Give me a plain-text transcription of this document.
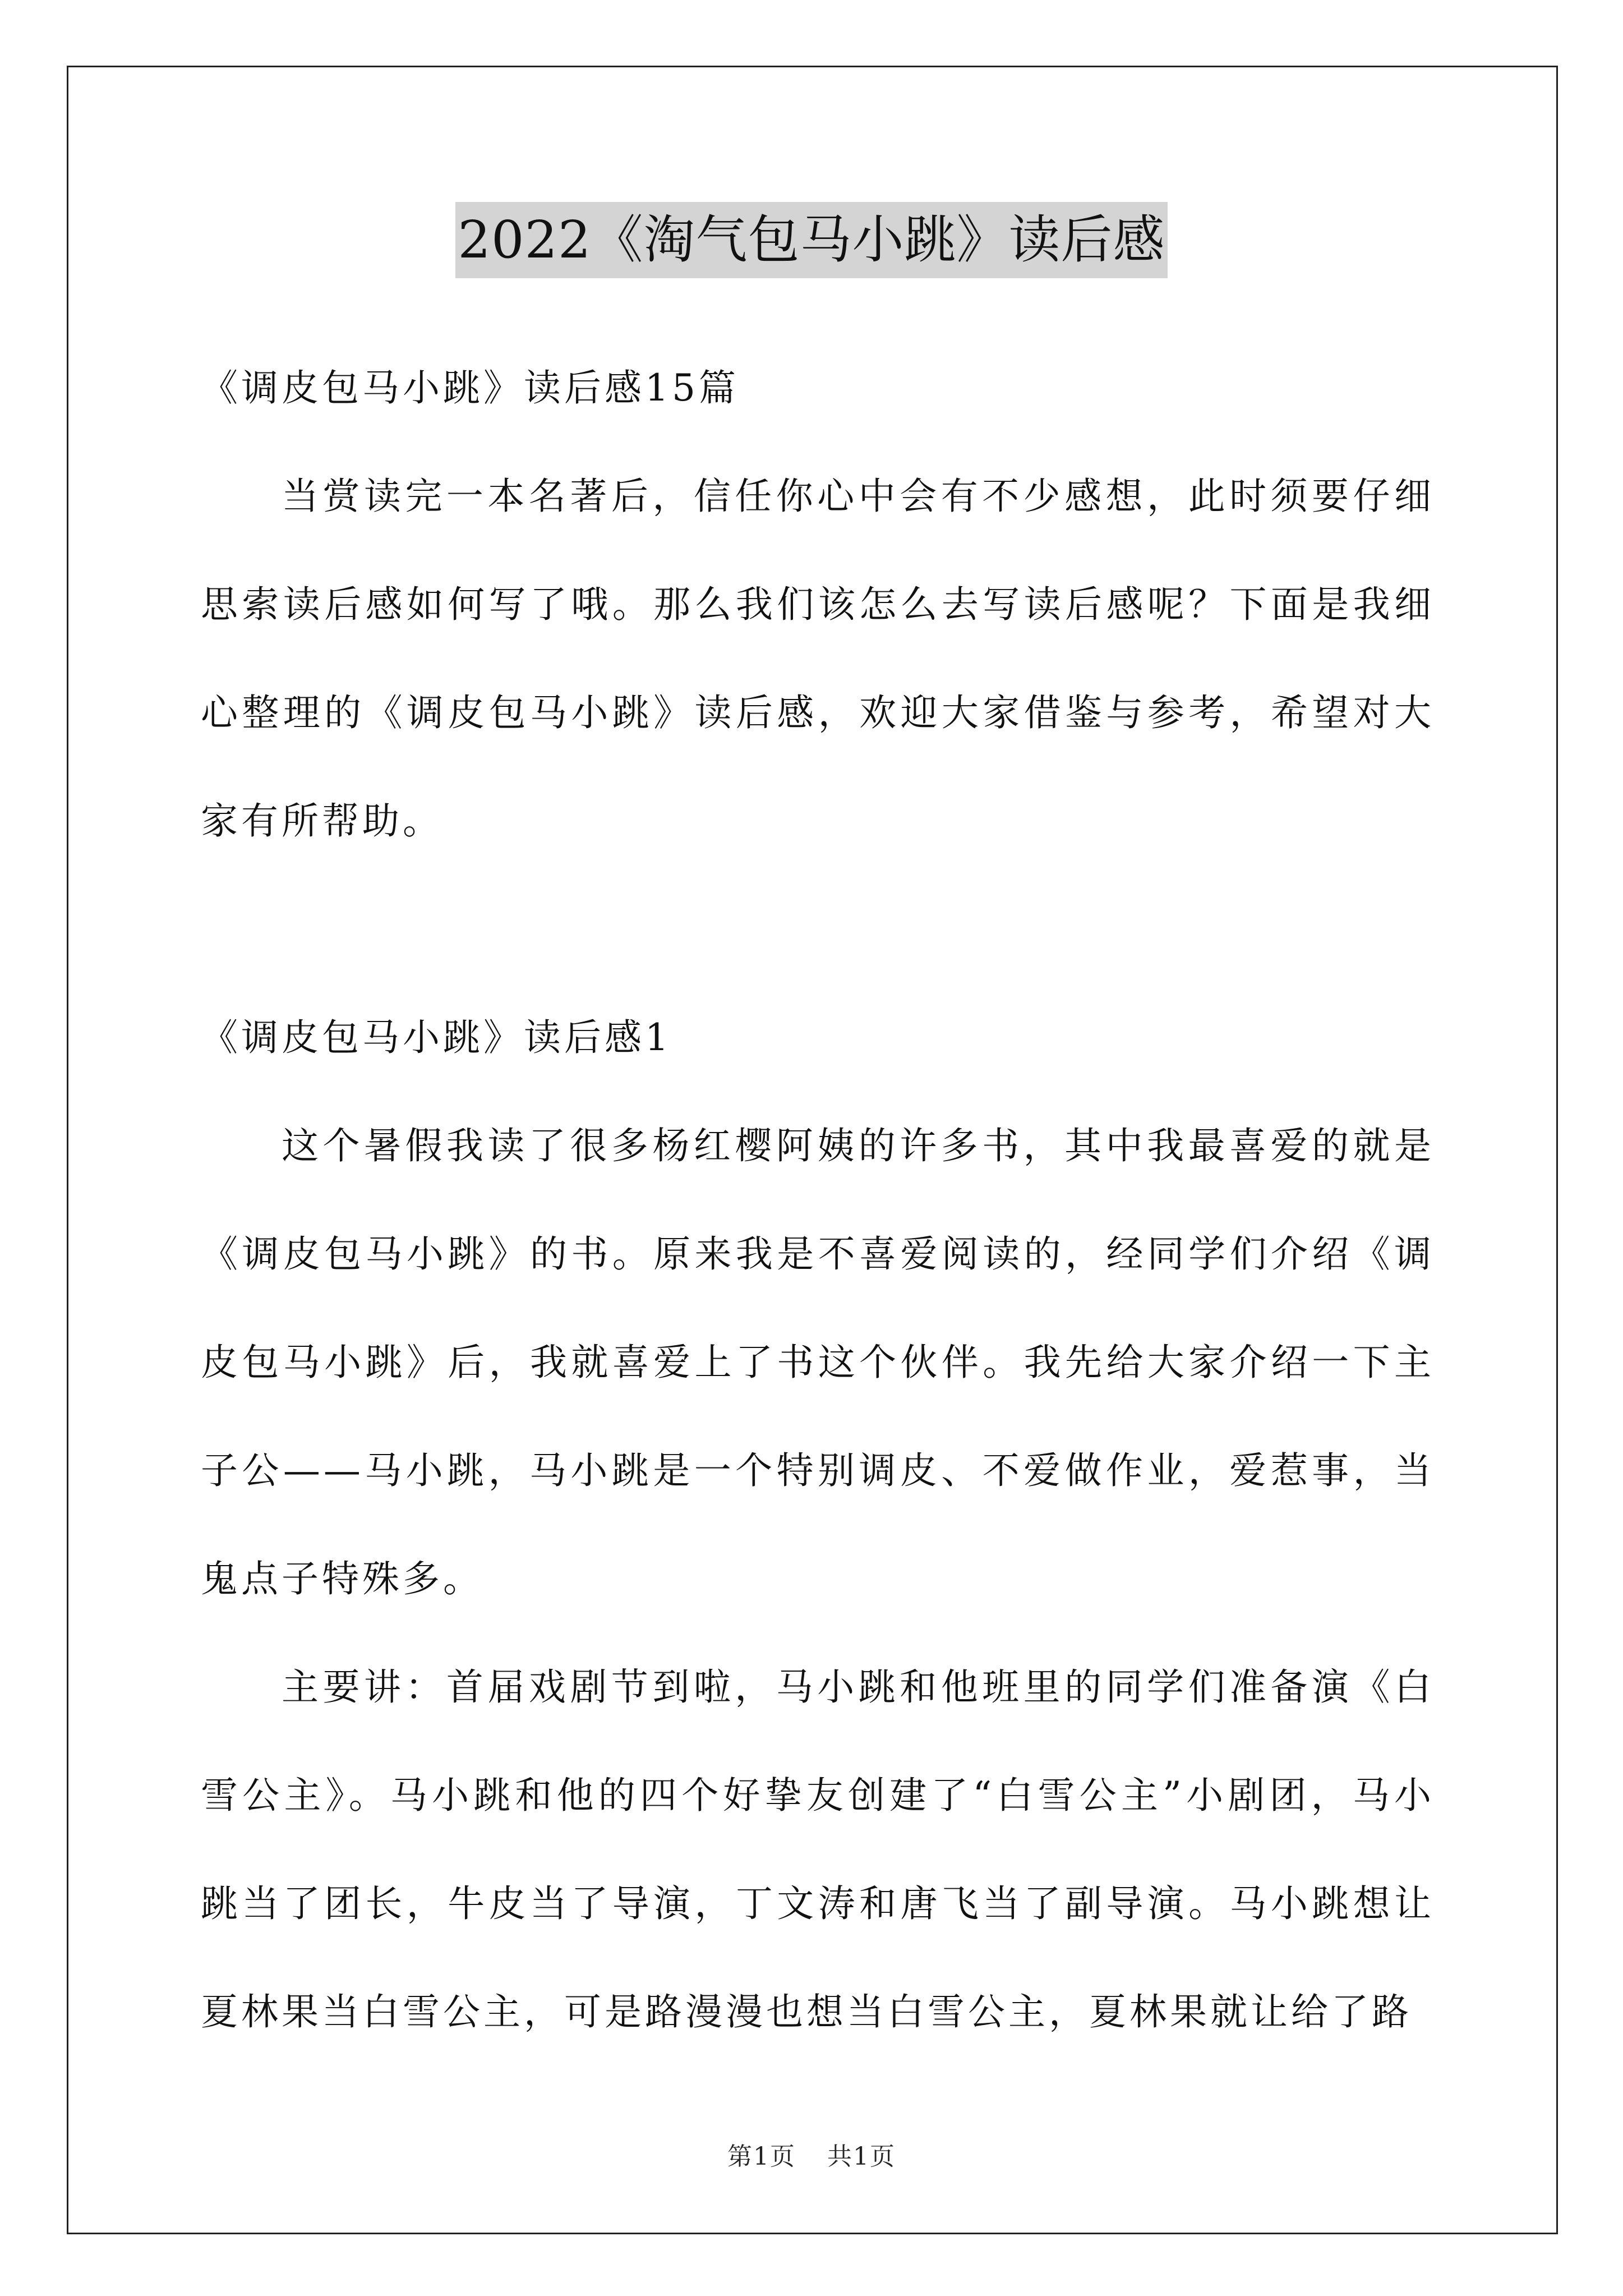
2022《淘气包马小跳》读后感

《调皮包马小跳》读后感15篇

当赏读完一本名著后，信任你心中会有不少感想，此时须要仔细思索读后感如何写了哦。那么我们该怎么去写读后感呢？下面是我细心整理的《调皮包马小跳》读后感，欢迎大家借鉴与参考，希望对大家有所帮助。

《调皮包马小跳》读后感1

这个暑假我读了很多杨红樱阿姨的许多书，其中我最喜爱的就是《调皮包马小跳》的书。原来我是不喜爱阅读的，经同学们介绍《调皮包马小跳》后，我就喜爱上了书这个伙伴。我先给大家介绍一下主子公——马小跳，马小跳是一个特别调皮、不爱做作业，爱惹事，当鬼点子特殊多。

主要讲：首届戏剧节到啦，马小跳和他班里的同学们准备演《白雪公主》。马小跳和他的四个好挚友创建了“白雪公主”小剧团，马小跳当了团长，牛皮当了导演，丁文涛和唐飞当了副导演。马小跳想让夏林果当白雪公主，可是路漫漫也想当白雪公主，夏林果就让给了路

第1页 共1页
